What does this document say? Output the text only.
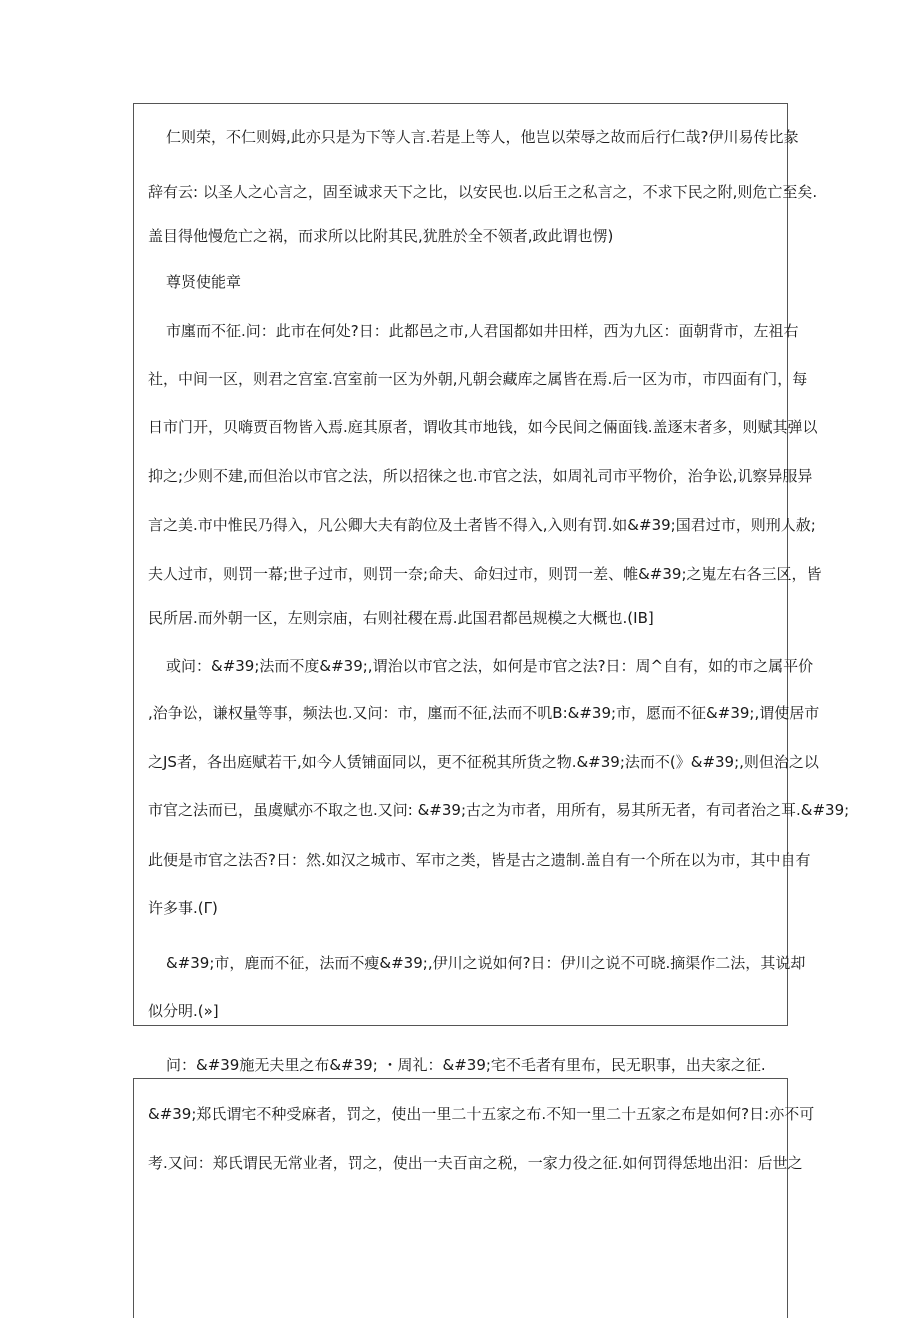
仁则荣，不仁则姆,此亦只是为下等人言.若是上等人，他岂以荣辱之故而后行仁哉?伊川易传比彖
辞有云: 以圣人之心言之，固至诚求天下之比，以安民也.以后王之私言之，不求下民之附,则危亡至矣.
盖目得他慢危亡之祸，而求所以比附其民,犹胜於全不领者,政此谓也愣)
尊贤使能章
市廛而不征.问：此市在何处?日：此都邑之市,人君国都如井田样，西为九区：面朝背市，左祖右
社，中间一区，则君之宫室.宫室前一区为外朝,凡朝会藏库之属皆在焉.后一区为市，市四面有门，每
日市门开，贝嗨贾百物皆入焉.庭其原者，谓收其市地钱，如今民间之倆面钱.盖逐末者多，则赋其弹以
抑之;少则不建,而但治以市官之法，所以招徕之也.市官之法，如周礼司市平物价，治争讼,讥察异服异
言之美.市中惟民乃得入，凡公卿大夫有韵位及土者皆不得入,入则有罚.如&#39;国君过市，则刑人赦;
夫人过市，则罚一幕;世子过市，则罚一奈;命夫、命妇过市，则罚一差、帷&#39;之嵬左右各三区，皆
民所居.而外朝一区，左则宗庙，右则社稷在焉.此国君都邑规模之大概也.(IB]
或问：&#39;法而不度&#39;,谓治以市官之法，如何是市官之法?日：周^自有，如的市之属平价
,治争讼，谦权量等事，频法也.又问：市，廛而不征,法而不叽B:&#39;市，愿而不征&#39;,谓使居市
之JS者，各出庭赋若干,如今人赁铺面同以，更不征税其所货之物.&#39;法而不(》&#39;,则但治之以
市官之法而已，虽虞赋亦不取之也.又问: &#39;古之为市者，用所有，易其所无者，有司者治之耳.&#39;
此便是市官之法否?日：然.如汉之城市、军市之类，皆是古之遗制.盖自有一个所在以为市，其中自有
许多事.(Γ)
&#39;市，鹿而不征，法而不瘦&#39;,伊川之说如何?日：伊川之说不可晓.摘渠作二法，其说却
似分明.(»]
问：&#39施无夫里之布&#39; ・周礼：&#39;宅不毛者有里布，民无职事，出夫家之征.
&#39;郑氏谓宅不种受麻者，罚之，使出一里二十五家之布.不知一里二十五家之布是如何?日:亦不可
考.又问：郑氏谓民无常业者，罚之，使出一夫百亩之税，一家力役之征.如何罚得恁地出汨：后世之
